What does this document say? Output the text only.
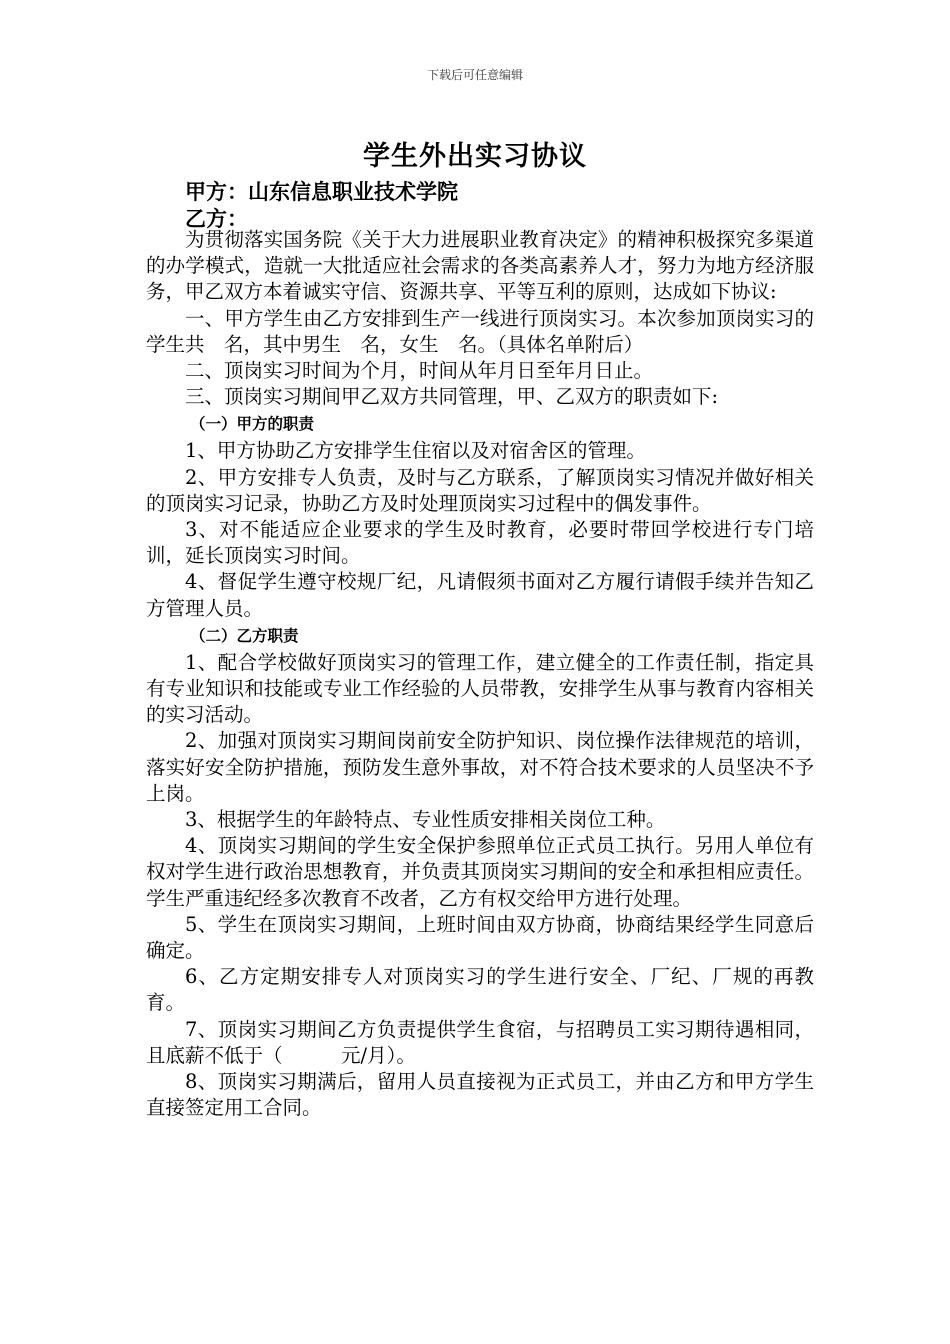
下载后可任意编辑
学生外出实习协议
甲方：山东信息职业技术学院
乙方：

为贯彻落实国务院《关于大力进展职业教育决定》的精神积极探究多渠道的办学模式，造就一大批适应社会需求的各类高素养人才，努力为地方经济服务，甲乙双方本着诚实守信、资源共享、平等互利的原则，达成如下协议:

一、甲方学生由乙方安排到生产一线进行顶岗实习。本次参加顶岗实习的学生共　名，其中男生　名，女生　名。（具体名单附后）

二、顶岗实习时间为个月，时间从年月日至年月日止。

三、顶岗实习期间甲乙双方共同管理，甲、乙双方的职责如下:

（一）甲方的职责

1、甲方协助乙方安排学生住宿以及对宿舍区的管理。

2、甲方安排专人负责，及时与乙方联系，了解顶岗实习情况并做好相关的顶岗实习记录，协助乙方及时处理顶岗实习过程中的偶发事件。

3、对不能适应企业要求的学生及时教育，必要时带回学校进行专门培训，延长顶岗实习时间。

4、督促学生遵守校规厂纪，凡请假须书面对乙方履行请假手续并告知乙方管理人员。

（二）乙方职责

1、配合学校做好顶岗实习的管理工作，建立健全的工作责任制，指定具有专业知识和技能或专业工作经验的人员带教，安排学生从事与教育内容相关的实习活动。

2、加强对顶岗实习期间岗前安全防护知识、岗位操作法律规范的培训，落实好安全防护措施，预防发生意外事故，对不符合技术要求的人员坚决不予上岗。

3、根据学生的年龄特点、专业性质安排相关岗位工种。

4、顶岗实习期间的学生安全保护参照单位正式员工执行。另用人单位有权对学生进行政治思想教育，并负责其顶岗实习期间的安全和承担相应责任。学生严重违纪经多次教育不改者，乙方有权交给甲方进行处理。

5、学生在顶岗实习期间，上班时间由双方协商，协商结果经学生同意后确定。

6、乙方定期安排专人对顶岗实习的学生进行安全、厂纪、厂规的再教育。

7、顶岗实习期间乙方负责提供学生食宿，与招聘员工实习期待遇相同，且底薪不低于（　　　元/月）。

8、顶岗实习期满后，留用人员直接视为正式员工，并由乙方和甲方学生直接签定用工合同。
